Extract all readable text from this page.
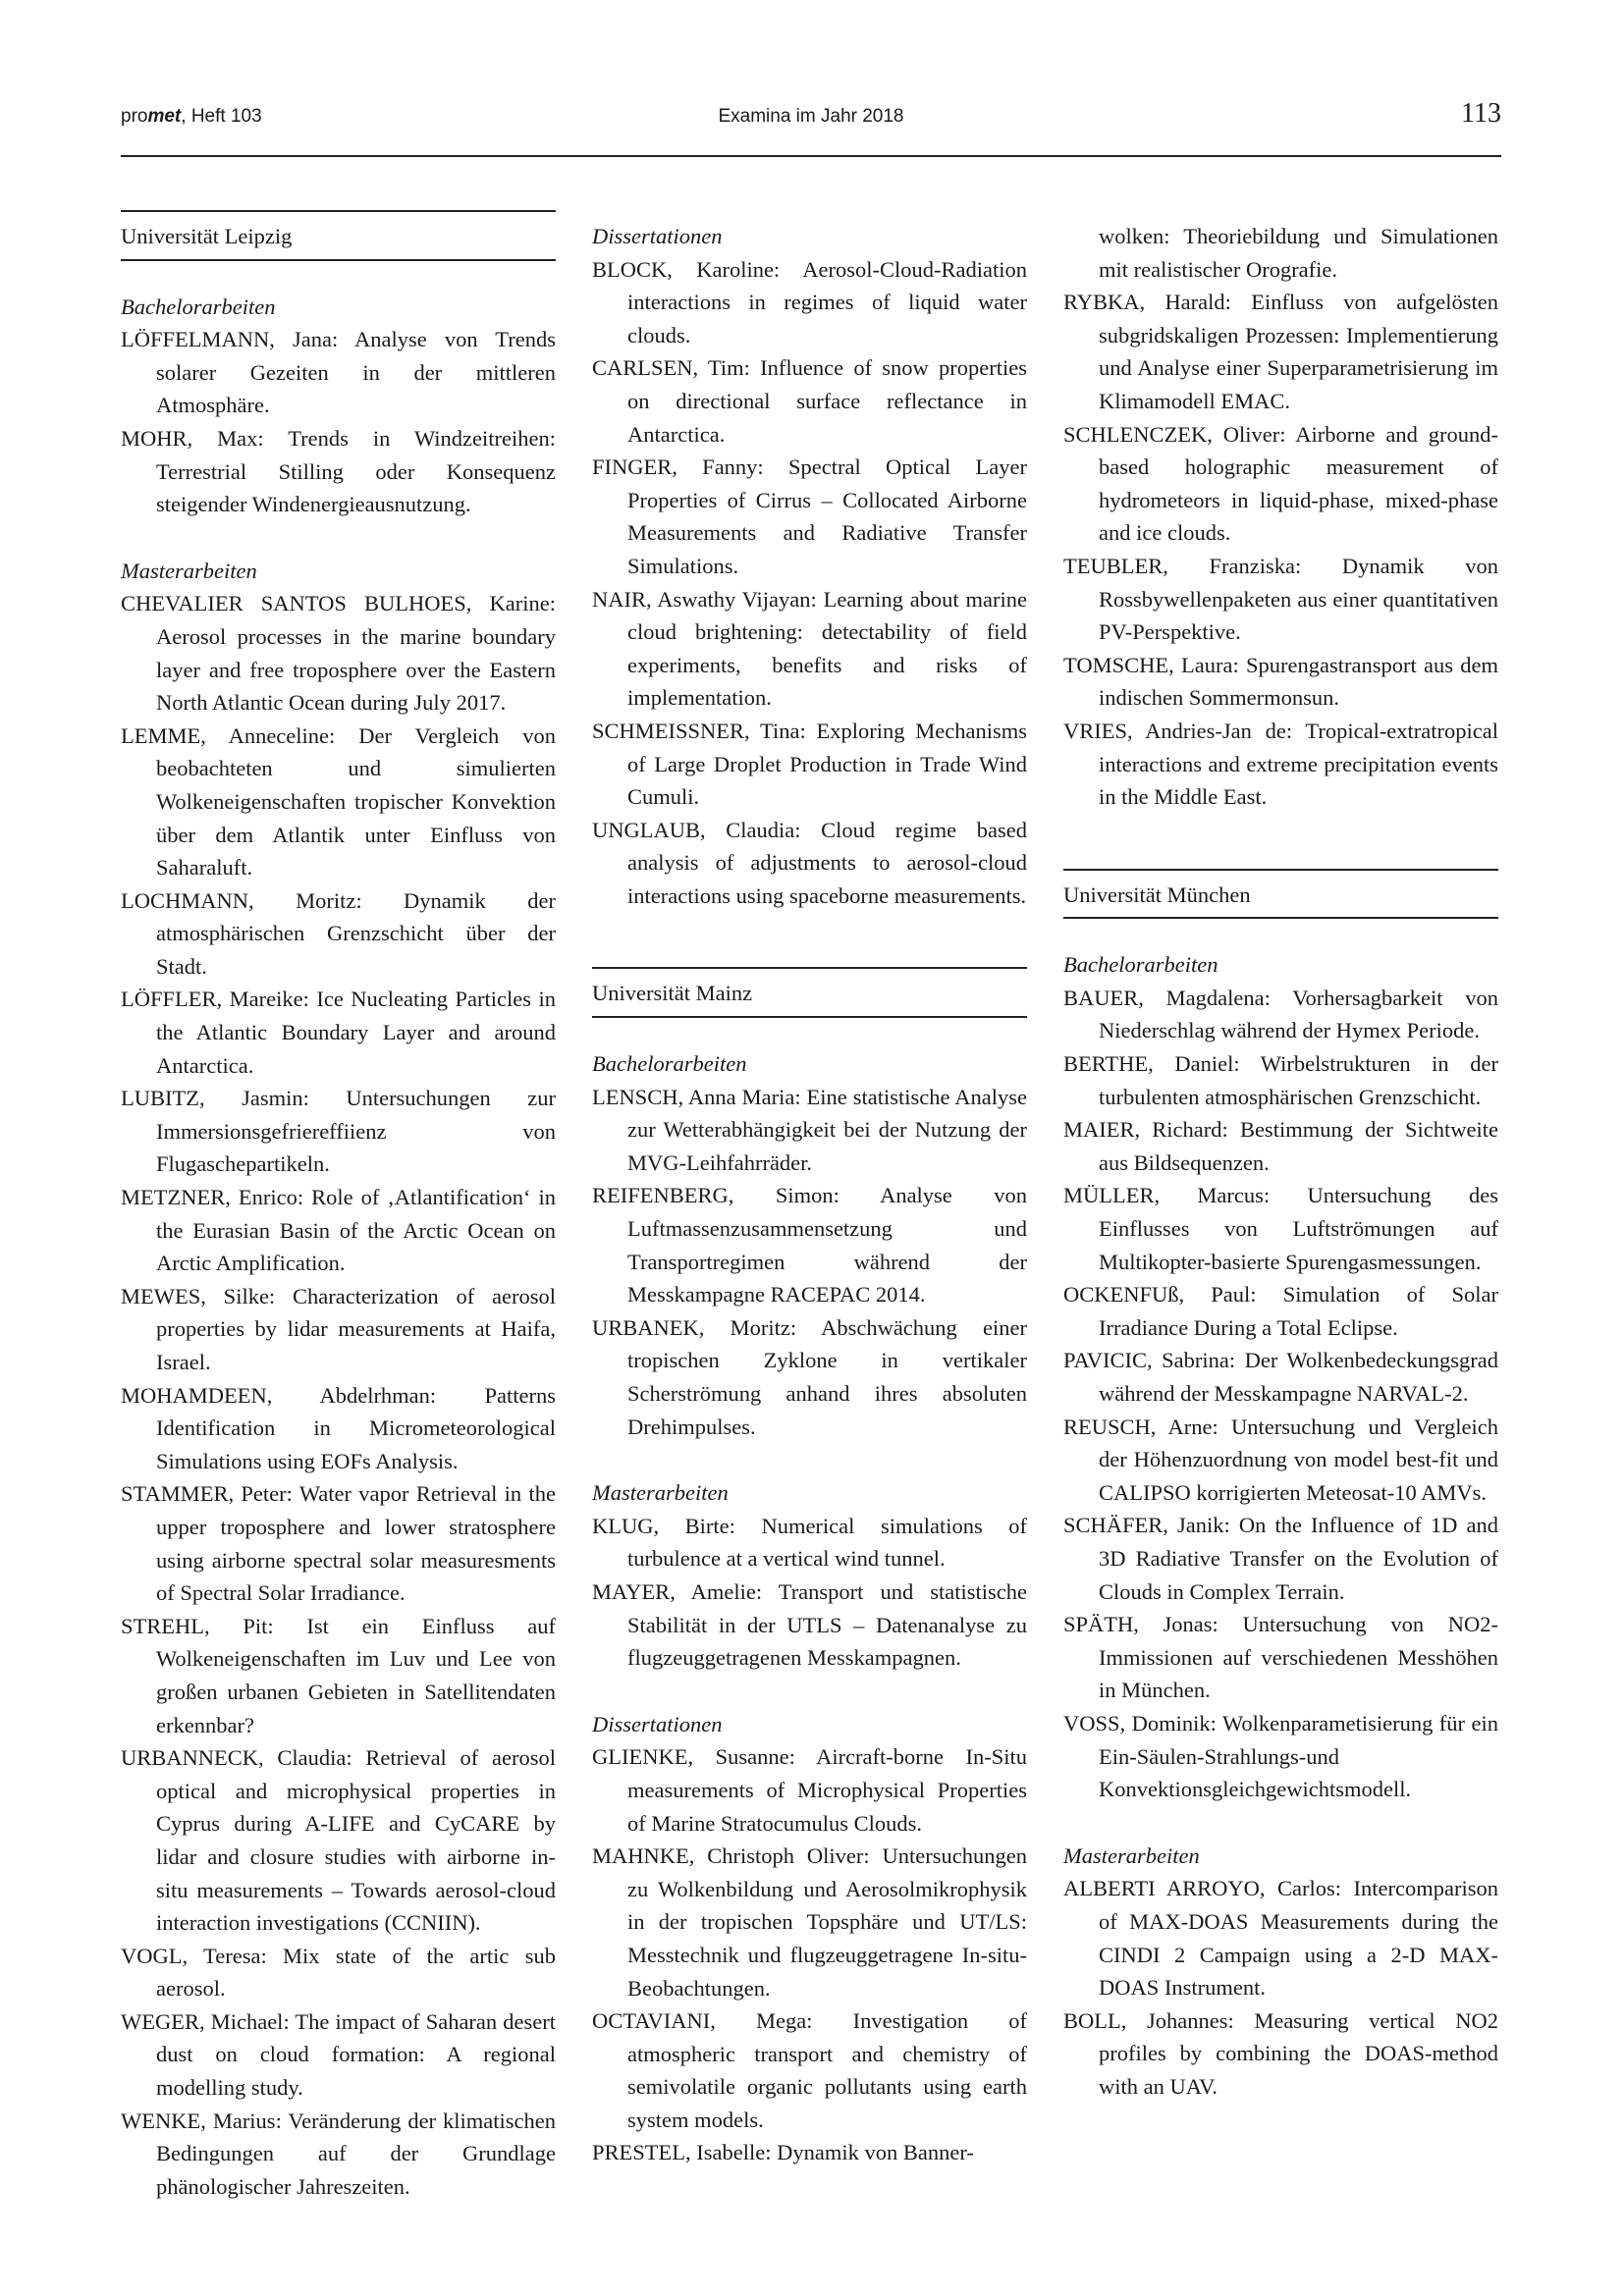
promet, Heft 103	Examina im Jahr 2018	113
Universität Leipzig
Bachelorarbeiten

LÖFFELMANN, Jana: Analyse von Trends solarer Gezeiten in der mittleren Atmosphäre.

MOHR, Max: Trends in Windzeitreihen: Terrestrial Stilling oder Konsequenz steigender Windenergieausnutzung.

Masterarbeiten

CHEVALIER SANTOS BULHOES, Karine: Aerosol processes in the marine boundary layer and free troposphere over the Eastern North Atlantic Ocean during July 2017.

LEMME, Anneceline: Der Vergleich von beobachteten und simulierten Wolkeneigenschaften tropischer Konvektion über dem Atlantik unter Einfluss von Saharaluft.

LOCHMANN, Moritz: Dynamik der atmosphärischen Grenzschicht über der Stadt.

LÖFFLER, Mareike: Ice Nucleating Particles in the Atlantic Boundary Layer and around Antarctica.

LUBITZ, Jasmin: Untersuchungen zur Immersionsgefriereffiienz von Flugaschepartikeln.

METZNER, Enrico: Role of ‚Atlantification‘ in the Eurasian Basin of the Arctic Ocean on Arctic Amplification.

MEWES, Silke: Characterization of aerosol properties by lidar measurements at Haifa, Israel.

MOHAMDEEN, Abdelrhman: Patterns Identification in Micrometeorological Simulations using EOFs Analysis.

STAMMER, Peter: Water vapor Retrieval in the upper troposphere and lower stratosphere using airborne spectral solar measuresments of Spectral Solar Irradiance.

STREHL, Pit: Ist ein Einfluss auf Wolkeneigenschaften im Luv und Lee von großen urbanen Gebieten in Satellitendaten erkennbar?

URBANNECK, Claudia: Retrieval of aerosol optical and microphysical properties in Cyprus during A-LIFE and CyCARE by lidar and closure studies with airborne in-situ measurements – Towards aerosol-cloud interaction investigations (CCNIIN).

VOGL, Teresa: Mix state of the artic sub aerosol.

WEGER, Michael: The impact of Saharan desert dust on cloud formation: A regional modelling study.

WENKE, Marius: Veränderung der klimatischen Bedingungen auf der Grundlage phänologischer Jahreszeiten.

Dissertationen

BLOCK, Karoline: Aerosol-Cloud-Radiation interactions in regimes of liquid water clouds.

CARLSEN, Tim: Influence of snow properties on directional surface reflectance in Antarctica.

FINGER, Fanny: Spectral Optical Layer Properties of Cirrus – Collocated Airborne Measurements and Radiative Transfer Simulations.

NAIR, Aswathy Vijayan: Learning about marine cloud brightening: detectability of field experiments, benefits and risks of implementation.

SCHMEISSNER, Tina: Exploring Mechanisms of Large Droplet Production in Trade Wind Cumuli.

UNGLAUB, Claudia: Cloud regime based analysis of adjustments to aerosol-cloud interactions using spaceborne measurements.

Universität Mainz
Bachelorarbeiten

LENSCH, Anna Maria: Eine statistische Analyse zur Wetterabhängigkeit bei der Nutzung der MVG-Leihfahrräder.

REIFENBERG, Simon: Analyse von Luftmassenzusammensetzung und Transportregimen während der Messkampagne RACEPAC 2014.

URBANEK, Moritz: Abschwächung einer tropischen Zyklone in vertikaler Scherströmung anhand ihres absoluten Drehimpulses.

Masterarbeiten

KLUG, Birte: Numerical simulations of turbulence at a vertical wind tunnel.

MAYER, Amelie: Transport und statistische Stabilität in der UTLS – Datenanalyse zu flugzeuggetragenen Messkampagnen.

Dissertationen

GLIENKE, Susanne: Aircraft-borne In-Situ measurements of Microphysical Properties of Marine Stratocumulus Clouds.

MAHNKE, Christoph Oliver: Untersuchungen zu Wolkenbildung und Aerosolmikrophysik in der tropischen Topsphäre und UT/LS: Messtechnik und flugzeuggetragene In-situ-Beobachtungen.

OCTAVIANI, Mega: Investigation of atmospheric transport and chemistry of semivolatile organic pollutants using earth system models.

PRESTEL, Isabelle: Dynamik von Banner-

wolken: Theoriebildung und Simulationen mit realistischer Orografie.

RYBKA, Harald: Einfluss von aufgelösten subgridskaligen Prozessen: Implementierung und Analyse einer Superparametrisierung im Klimamodell EMAC.

SCHLENCZEK, Oliver: Airborne and ground-based holographic measurement of hydrometeors in liquid-phase, mixed-phase and ice clouds.

TEUBLER, Franziska: Dynamik von Rossbywellenpaketen aus einer quantitativen PV-Perspektive.

TOMSCHE, Laura: Spurengastransport aus dem indischen Sommermonsun.

VRIES, Andries-Jan de: Tropical-extratropical interactions and extreme precipitation events in the Middle East.

Universität München
Bachelorarbeiten

BAUER, Magdalena: Vorhersagbarkeit von Niederschlag während der Hymex Periode.

BERTHE, Daniel: Wirbelstrukturen in der turbulenten atmosphärischen Grenzschicht.

MAIER, Richard: Bestimmung der Sichtweite aus Bildsequenzen.

MÜLLER, Marcus: Untersuchung des Einflusses von Luftströmungen auf Multikopter-basierte Spurengasmessungen.

OCKENFUß, Paul: Simulation of Solar Irradiance During a Total Eclipse.

PAVICIC, Sabrina: Der Wolkenbedeckungsgrad während der Messkampagne NARVAL-2.

REUSCH, Arne: Untersuchung und Vergleich der Höhenzuordnung von model best-fit und CALIPSO korrigierten Meteosat-10 AMVs.

SCHÄFER, Janik: On the Influence of 1D and 3D Radiative Transfer on the Evolution of Clouds in Complex Terrain.

SPÄTH, Jonas: Untersuchung von NO2-Immissionen auf verschiedenen Messhöhen in München.

VOSS, Dominik: Wolkenparametisierung für ein Ein-Säulen-Strahlungs-und Konvektionsgleichgewichtsmodell.

Masterarbeiten

ALBERTI ARROYO, Carlos: Intercomparison of MAX-DOAS Measurements during the CINDI 2 Campaign using a 2-D MAX-DOAS Instrument.

BOLL, Johannes: Measuring vertical NO2 profiles by combining the DOAS-method with an UAV.
